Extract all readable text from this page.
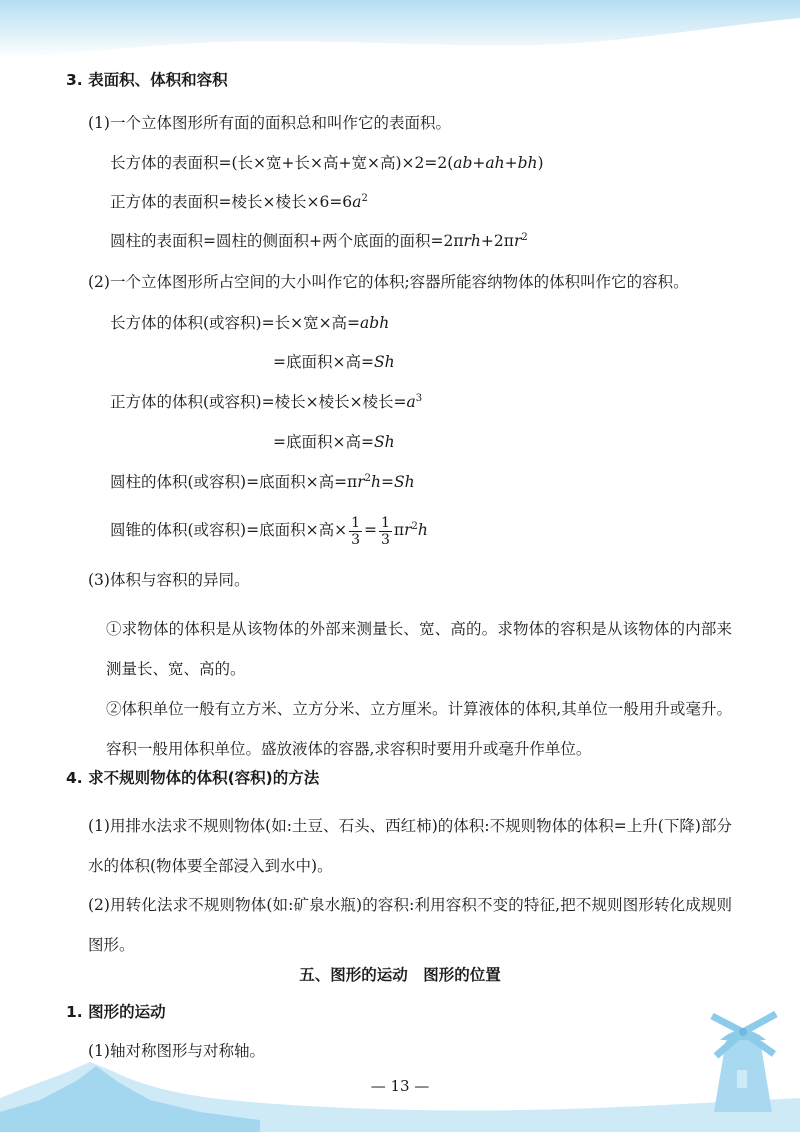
3. 表面积、体积和容积
(1)一个立体图形所有面的面积总和叫作它的表面积。
长方体的表面积=(长×宽+长×高+宽×高)×2=2(ab+ah+bh)
正方体的表面积=棱长×棱长$\times 6=6a^2$
圆柱的表面积=圆柱的侧面积+两个底面的面积$=2\pi rh+2\pi r^2$
(2)一个立体图形所占空间的大小叫作它的体积;容器所能容纳物体的体积叫作它的容积。
长方体的体积(或容积)=长×宽×高=abh
=底面积×高=Sh
正方体的体积(或容积)=棱长×棱长×棱长$=a^3$
=底面积×高=Sh
圆柱的体积(或容积)=底面积×高$=\pi r^2h=Sh$
圆锥的体积(或容积)=底面积×高× $\frac{1}{3} = \frac{1}{3} \pi r^2h$
(3)体积与容积的异同。
①求物体的体积是从该物体的外部来测量长、宽、高的。求物体的容积是从该物体的内部来测量长、宽、高的。
②体积单位一般有立方米、立方分米、立方厘米。计算液体的体积,其单位一般用升或毫升。容积一般用体积单位。盛放液体的容器,求容积时要用升或毫升作单位。
4. 求不规则物体的体积(容积)的方法
(1)用排水法求不规则物体(如:土豆、石头、西红柿)的体积:不规则物体的体积=上升(下降)部分水的体积(物体要全部浸入到水中)。
(2)用转化法求不规则物体(如:矿泉水瓶)的容积:利用容积不变的特征,把不规则图形转化成规则图形。
五、图形的运动　图形的位置
1. 图形的运动
(1)轴对称图形与对称轴。
— 13 —
